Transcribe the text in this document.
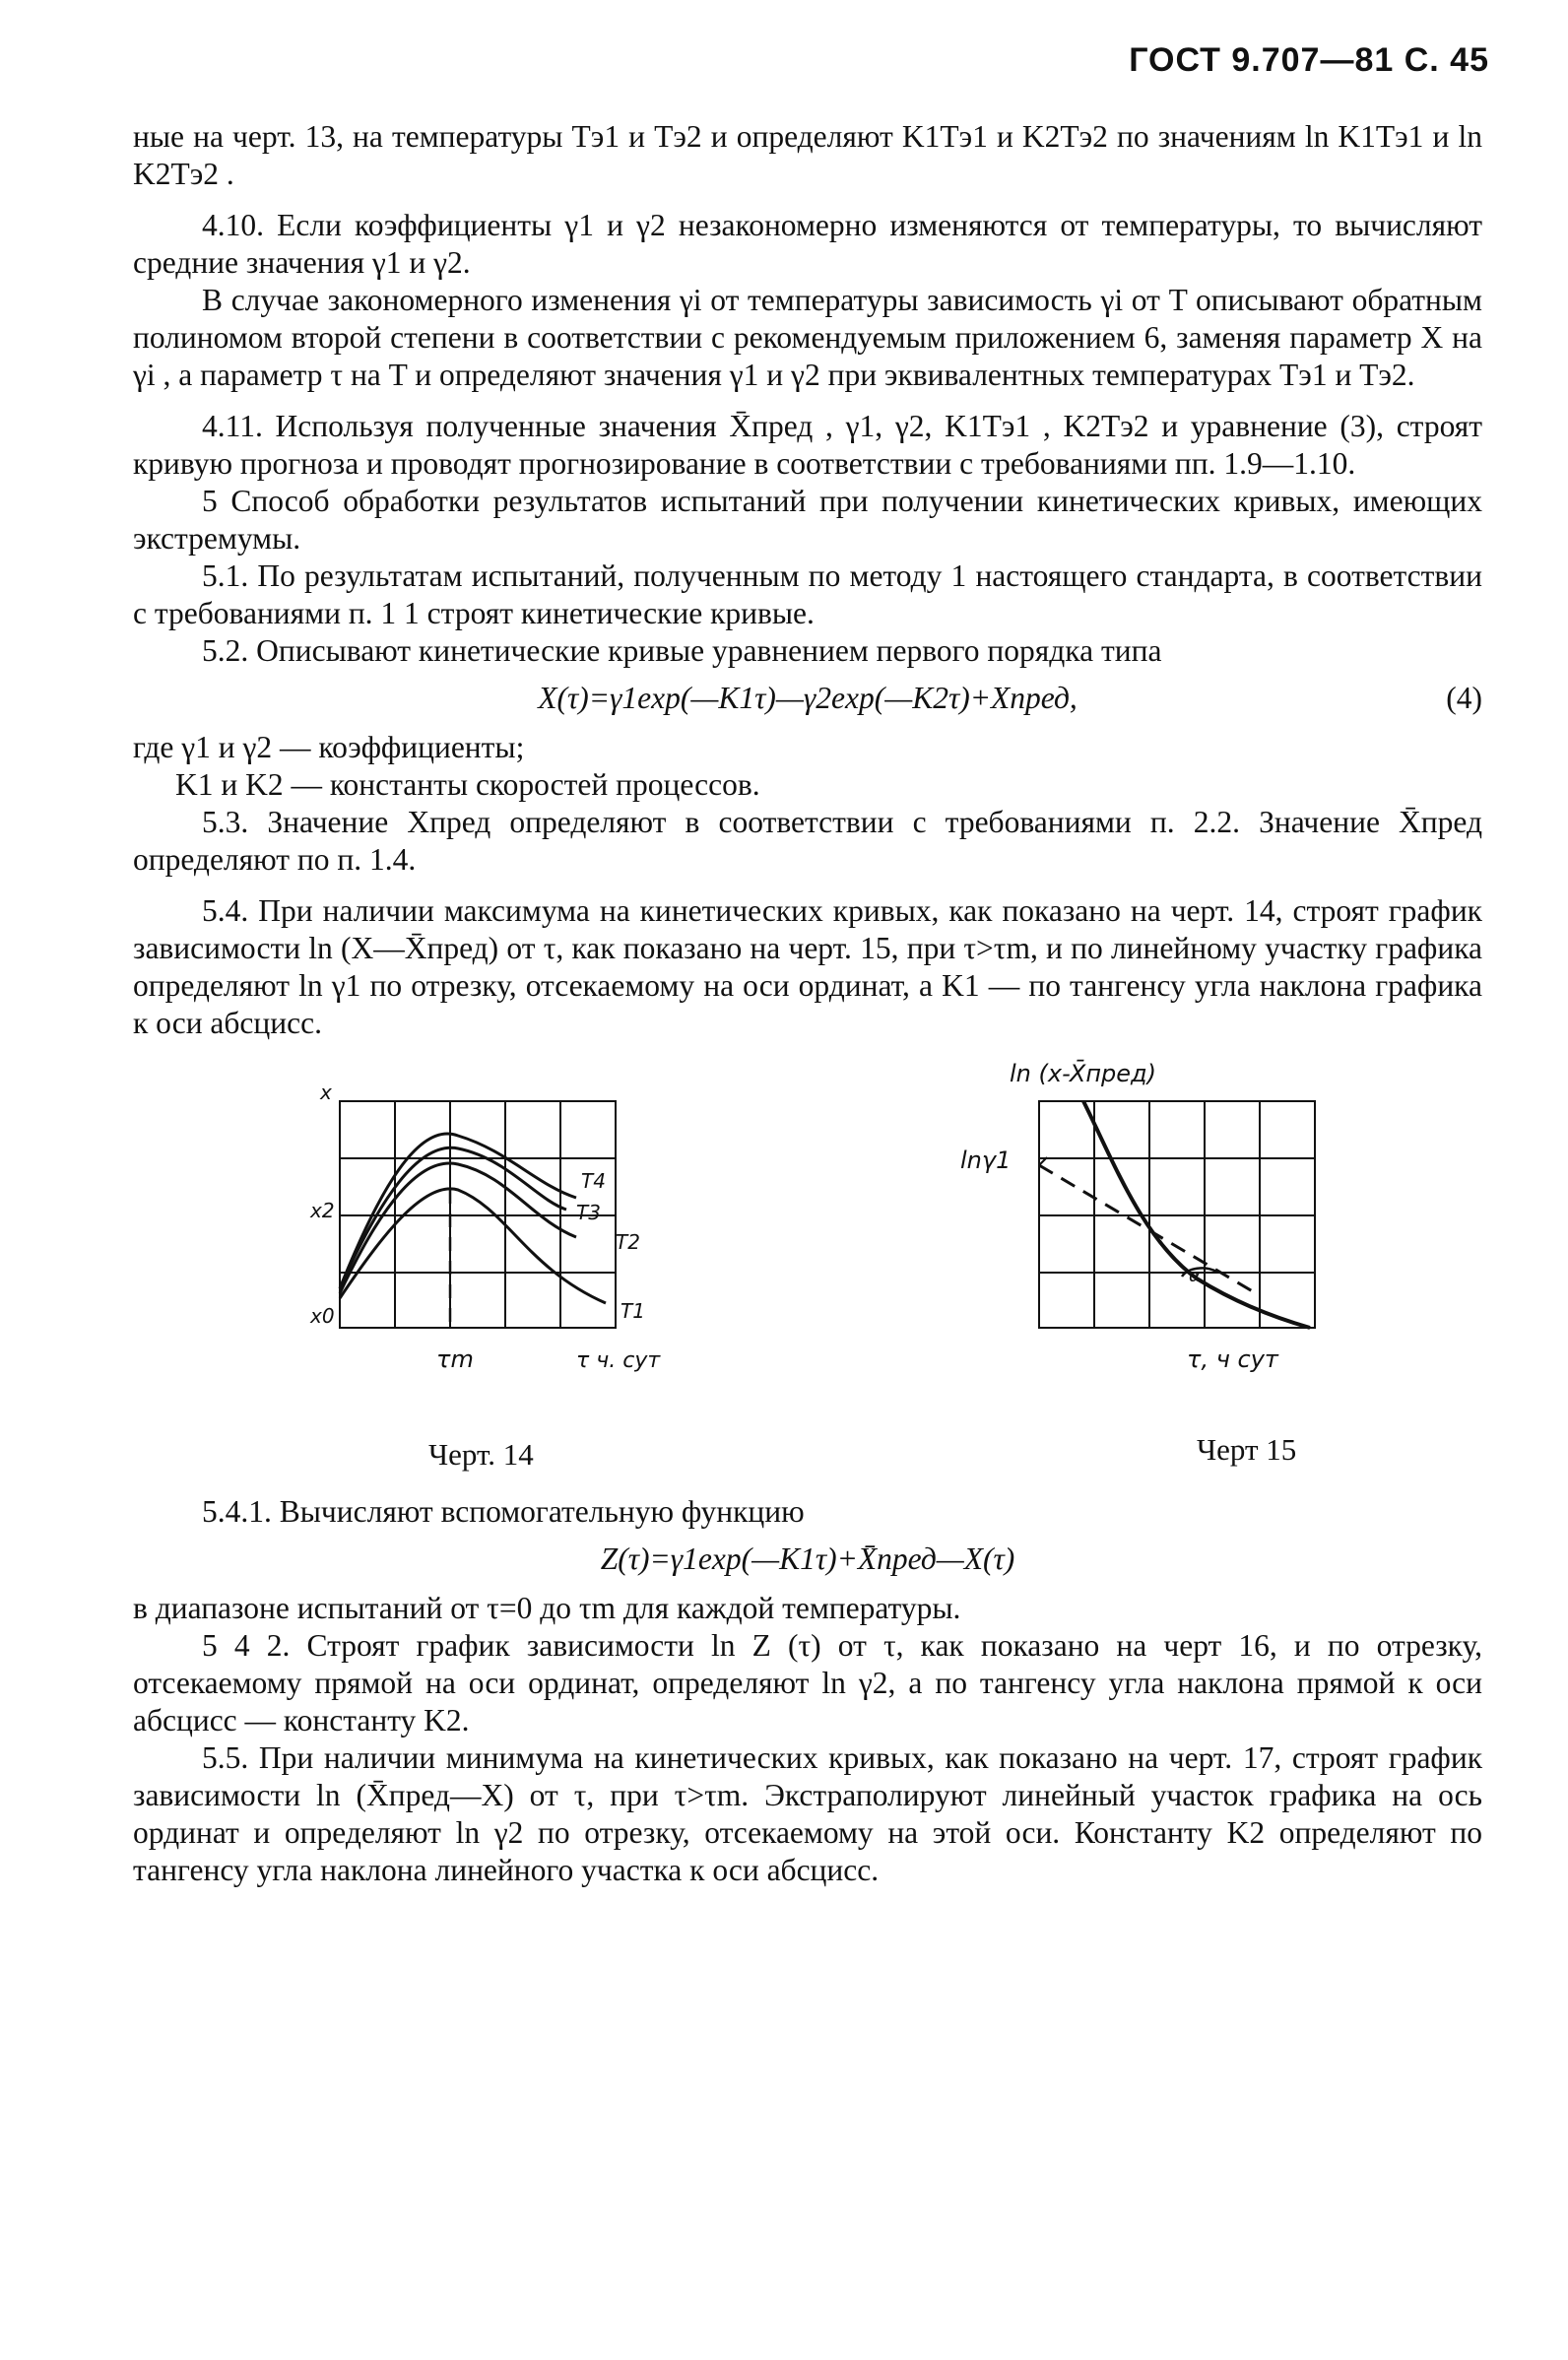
ГОСТ 9.707—81 С. 45

ные на черт. 13, на температуры Tэ1 и Tэ2 и определяют K1Tэ1 и K2Tэ2 по значениям ln K1Tэ1 и ln K2Tэ2 .

4.10. Если коэффициенты γ1 и γ2 незакономерно изменяются от температуры, то вычисляют средние значения γ1 и γ2.

В случае закономерного изменения γi от температуры зависимость γi от T описывают обратным полиномом второй степени в соответствии с рекомендуемым приложением 6, заменяя параметр X на γi , а параметр τ на T и определяют значения γ1 и γ2 при эквивалентных температурах Tэ1 и Tэ2.

4.11. Используя полученные значения X̄пред , γ1, γ2, K1Tэ1 , K2Tэ2 и уравнение (3), строят кривую прогноза и проводят прогнозирование в соответствии с требованиями пп. 1.9—1.10.

5 Способ обработки результатов испытаний при получении кинетических кривых, имеющих экстремумы.

5.1. По результатам испытаний, полученным по методу 1 настоящего стандарта, в соответствии с требованиями п. 1 1 строят кинетические кривые.

5.2. Описывают кинетические кривые уравнением первого порядка типа

X(τ)=γ1exp(—K1τ)—γ2exp(—K2τ)+Xпред,	(4)

где γ1 и γ2 — коэффициенты;

K1 и K2 — константы скоростей процессов.

5.3. Значение Xпред определяют в соответствии с требованиями п. 2.2. Значение X̄пред определяют по п. 1.4.

5.4. При наличии максимума на кинетических кривых, как показано на черт. 14, строят график зависимости ln (X—X̄пред) от τ, как показано на черт. 15, при τ>τm, и по линейному участку графика определяют ln γ1 по отрезку, отсекаемому на оси ординат, а K1 — по тангенсу угла наклона графика к оси абсцисс.

x
x2
x0
T4
T3
T2
T1
τm	τ ч. сут
Черт. 14
ln (x-X̄пред)
lnγ1
α
τ, ч сут
Черт 15

5.4.1. Вычисляют вспомогательную функцию

Z(τ)=γ1exp(—K1τ)+X̄пред—X(τ)

в диапазоне испытаний от τ=0 до τm для каждой температуры.

5 4 2. Строят график зависимости ln Z (τ) от τ, как показано на черт 16, и по отрезку, отсекаемому прямой на оси ординат, определяют ln γ2, а по тангенсу угла наклона прямой к оси абсцисс — константу K2.

5.5. При наличии минимума на кинетических кривых, как показано на черт. 17, строят график зависимости ln (X̄пред—X) от τ, при τ>τm. Экстраполируют линейный участок графика на ось ординат и определяют ln γ2 по отрезку, отсекаемому на этой оси. Константу K2 определяют по тангенсу угла наклона линейного участка к оси абсцисс.
